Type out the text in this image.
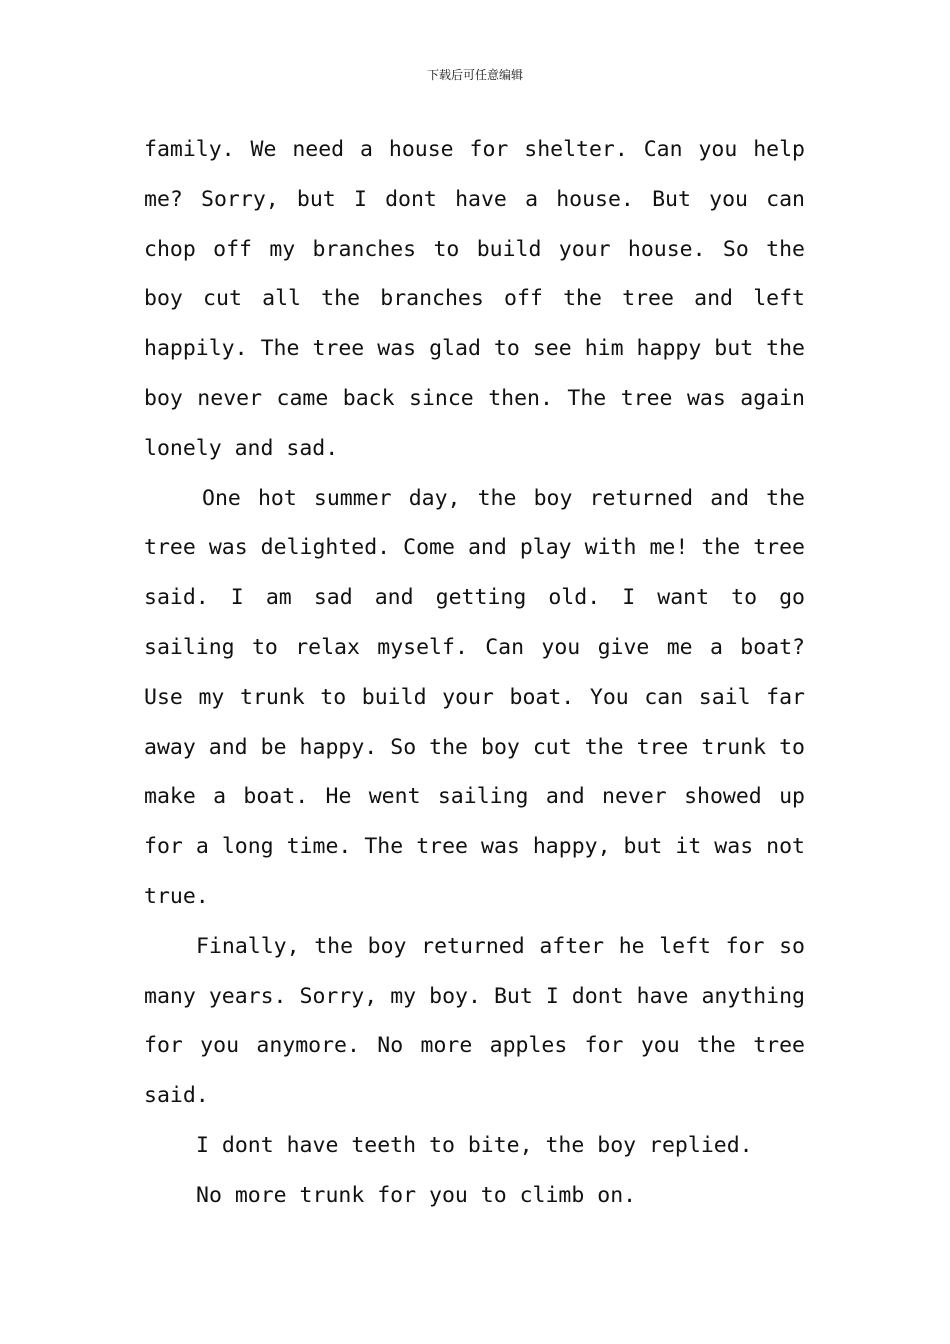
下载后可任意编辑

family. We need a house for shelter. Can you help me? Sorry, but I dont have a house. But you can chop off my branches to build your house. So the boy cut all the branches off the tree and left happily. The tree was glad to see him happy but the boy never came back since then. The tree was again lonely and sad.

One hot summer day, the boy returned and the tree was delighted. Come and play with me! the tree said. I am sad and getting old. I want to go sailing to relax myself. Can you give me a boat? Use my trunk to build your boat. You can sail far away and be happy. So the boy cut the tree trunk to make a boat. He went sailing and never showed up for a long time. The tree was happy, but it was not true.

Finally, the boy returned after he left for so many years. Sorry, my boy. But I dont have anything for you anymore. No more apples for you the tree said.

I dont have teeth to bite, the boy replied.

No more trunk for you to climb on.
